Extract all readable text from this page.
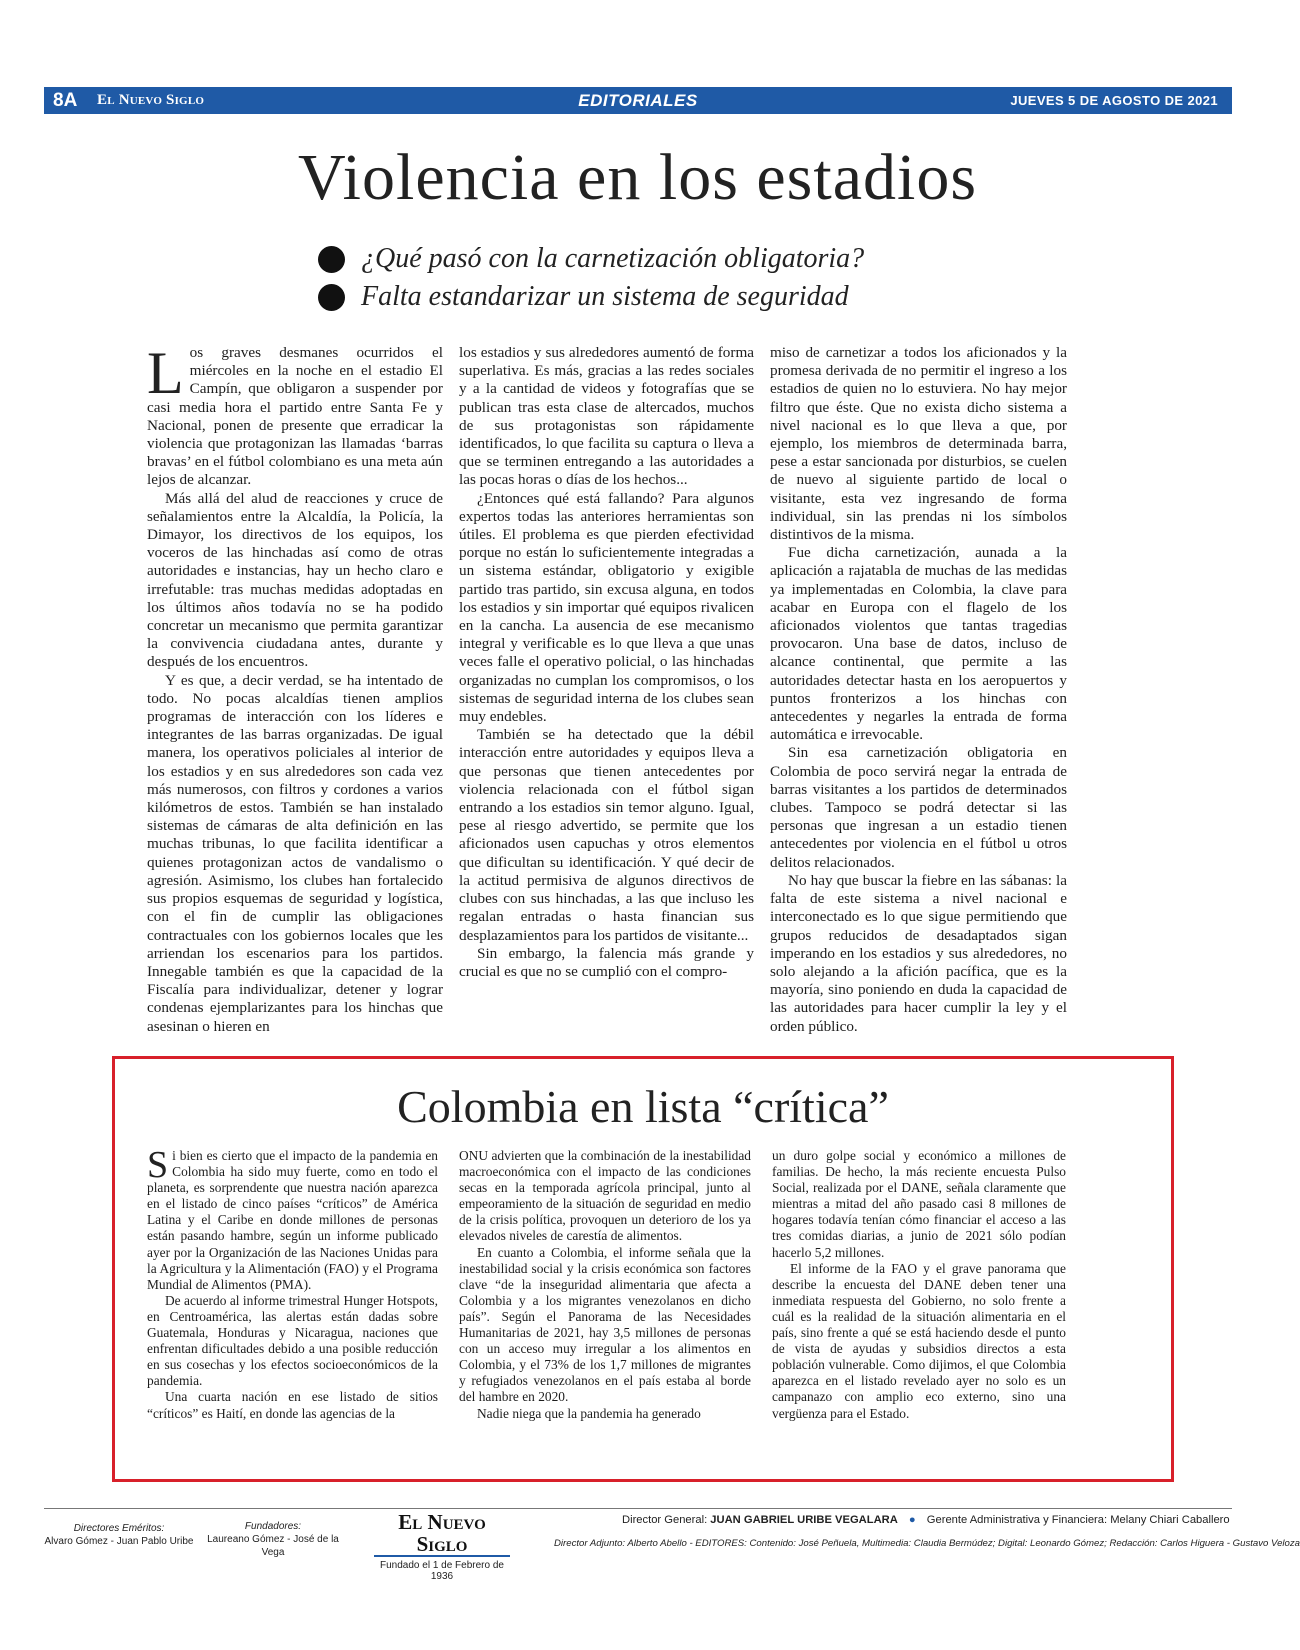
8A	El Nuevo Siglo	EDITORIALES	JUEVES 5 DE AGOSTO DE 2021
Violencia en los estadios
¿Qué pasó con la carnetización obligatoria?
Falta estandarizar un sistema de seguridad
L os graves desmanes ocurridos el miércoles en la noche en el estadio El Campín, que obligaron a suspender por casi media hora el partido entre Santa Fe y Nacional, ponen de presente que erradicar la violencia que protagonizan las llamadas ‘barras bravas’ en el fútbol colombiano es una meta aún lejos de alcanzar.

Más allá del alud de reacciones y cruce de señalamientos entre la Alcaldía, la Policía, la Dimayor, los directivos de los equipos, los voceros de las hinchadas así como de otras autoridades e instancias, hay un hecho claro e irrefutable: tras muchas medidas adoptadas en los últimos años todavía no se ha podido concretar un mecanismo que permita garantizar la convivencia ciudadana antes, durante y después de los encuentros.

Y es que, a decir verdad, se ha intentado de todo. No pocas alcaldías tienen amplios programas de interacción con los líderes e integrantes de las barras organizadas. De igual manera, los operativos policiales al interior de los estadios y en sus alrededores son cada vez más numerosos, con filtros y cordones a varios kilómetros de estos. También se han instalado sistemas de cámaras de alta definición en las muchas tribunas, lo que facilita identificar a quienes protagonizan actos de vandalismo o agresión. Asimismo, los clubes han fortalecido sus propios esquemas de seguridad y logística, con el fin de cumplir las obligaciones contractuales con los gobiernos locales que les arriendan los escenarios para los partidos. Innegable también es que la capacidad de la Fiscalía para individualizar, detener y lograr condenas ejemplarizantes para los hinchas que asesinan o hieren en

los estadios y sus alrededores aumentó de forma superlativa. Es más, gracias a las redes sociales y a la cantidad de videos y fotografías que se publican tras esta clase de altercados, muchos de sus protagonistas son rápidamente identificados, lo que facilita su captura o lleva a que se terminen entregando a las autoridades a las pocas horas o días de los hechos...

¿Entonces qué está fallando? Para algunos expertos todas las anteriores herramientas son útiles. El problema es que pierden efectividad porque no están lo suficientemente integradas a un sistema estándar, obligatorio y exigible partido tras partido, sin excusa alguna, en todos los estadios y sin importar qué equipos rivalicen en la cancha. La ausencia de ese mecanismo integral y verificable es lo que lleva a que unas veces falle el operativo policial, o las hinchadas organizadas no cumplan los compromisos, o los sistemas de seguridad interna de los clubes sean muy endebles.

También se ha detectado que la débil interacción entre autoridades y equipos lleva a que personas que tienen antecedentes por violencia relacionada con el fútbol sigan entrando a los estadios sin temor alguno. Igual, pese al riesgo advertido, se permite que los aficionados usen capuchas y otros elementos que dificultan su identificación. Y qué decir de la actitud permisiva de algunos directivos de clubes con sus hinchadas, a las que incluso les regalan entradas o hasta financian sus desplazamientos para los partidos de visitante...

Sin embargo, la falencia más grande y crucial es que no se cumplió con el compro-

miso de carnetizar a todos los aficionados y la promesa derivada de no permitir el ingreso a los estadios de quien no lo estuviera. No hay mejor filtro que éste. Que no exista dicho sistema a nivel nacional es lo que lleva a que, por ejemplo, los miembros de determinada barra, pese a estar sancionada por disturbios, se cuelen de nuevo al siguiente partido de local o visitante, esta vez ingresando de forma individual, sin las prendas ni los símbolos distintivos de la misma.

Fue dicha carnetización, aunada a la aplicación a rajatabla de muchas de las medidas ya implementadas en Colombia, la clave para acabar en Europa con el flagelo de los aficionados violentos que tantas tragedias provocaron. Una base de datos, incluso de alcance continental, que permite a las autoridades detectar hasta en los aeropuertos y puntos fronterizos a los hinchas con antecedentes y negarles la entrada de forma automática e irrevocable.

Sin esa carnetización obligatoria en Colombia de poco servirá negar la entrada de barras visitantes a los partidos de determinados clubes. Tampoco se podrá detectar si las personas que ingresan a un estadio tienen antecedentes por violencia en el fútbol u otros delitos relacionados.

No hay que buscar la fiebre en las sábanas: la falta de este sistema a nivel nacional e interconectado es lo que sigue permitiendo que grupos reducidos de desadaptados sigan imperando en los estadios y sus alrededores, no solo alejando a la afición pacífica, que es la mayoría, sino poniendo en duda la capacidad de las autoridades para hacer cumplir la ley y el orden público.

Colombia en lista “crítica”
S i bien es cierto que el impacto de la pandemia en Colombia ha sido muy fuerte, como en todo el planeta, es sorprendente que nuestra nación aparezca en el listado de cinco países “críticos” de América Latina y el Caribe en donde millones de personas están pasando hambre, según un informe publicado ayer por la Organización de las Naciones Unidas para la Agricultura y la Alimentación (FAO) y el Programa Mundial de Alimentos (PMA).

De acuerdo al informe trimestral Hunger Hotspots, en Centroamérica, las alertas están dadas sobre Guatemala, Honduras y Nicaragua, naciones que enfrentan dificultades debido a una posible reducción en sus cosechas y los efectos socioeconómicos de la pandemia.

Una cuarta nación en ese listado de sitios “críticos” es Haití, en donde las agencias de la

ONU advierten que la combinación de la inestabilidad macroeconómica con el impacto de las condiciones secas en la temporada agrícola principal, junto al empeoramiento de la situación de seguridad en medio de la crisis política, provoquen un deterioro de los ya elevados niveles de carestía de alimentos.

En cuanto a Colombia, el informe señala que la inestabilidad social y la crisis económica son factores clave “de la inseguridad alimentaria que afecta a Colombia y a los migrantes venezolanos en dicho país”. Según el Panorama de las Necesidades Humanitarias de 2021, hay 3,5 millones de personas con un acceso muy irregular a los alimentos en Colombia, y el 73% de los 1,7 millones de migrantes y refugiados venezolanos en el país estaba al borde del hambre en 2020.

Nadie niega que la pandemia ha generado

un duro golpe social y económico a millones de familias. De hecho, la más reciente encuesta Pulso Social, realizada por el DANE, señala claramente que mientras a mitad del año pasado casi 8 millones de hogares todavía tenían cómo financiar el acceso a las tres comidas diarias, a junio de 2021 sólo podían hacerlo 5,2 millones.

El informe de la FAO y el grave panorama que describe la encuesta del DANE deben tener una inmediata respuesta del Gobierno, no solo frente a cuál es la realidad de la situación alimentaria en el país, sino frente a qué se está haciendo desde el punto de vista de ayudas y subsidios directos a esta población vulnerable. Como dijimos, el que Colombia aparezca en el listado revelado ayer no solo es un campanazo con amplio eco externo, sino una vergüenza para el Estado.

Directores Eméritos:
Alvaro Gómez - Juan Pablo Uribe
Fundadores:
Laureano Gómez - José de la Vega
El Nuevo Siglo
Fundado el 1 de Febrero de 1936
Director General: JUAN GABRIEL URIBE VEGALARA ● Gerente Administrativa y Financiera: Melany Chiari Caballero
Director Adjunto: Alberto Abello - EDITORES: Contenido: José Peñuela, Multimedia: Claudia Bermúdez; Digital: Leonardo Gómez; Redacción: Carlos Higuera - Gustavo Veloza
